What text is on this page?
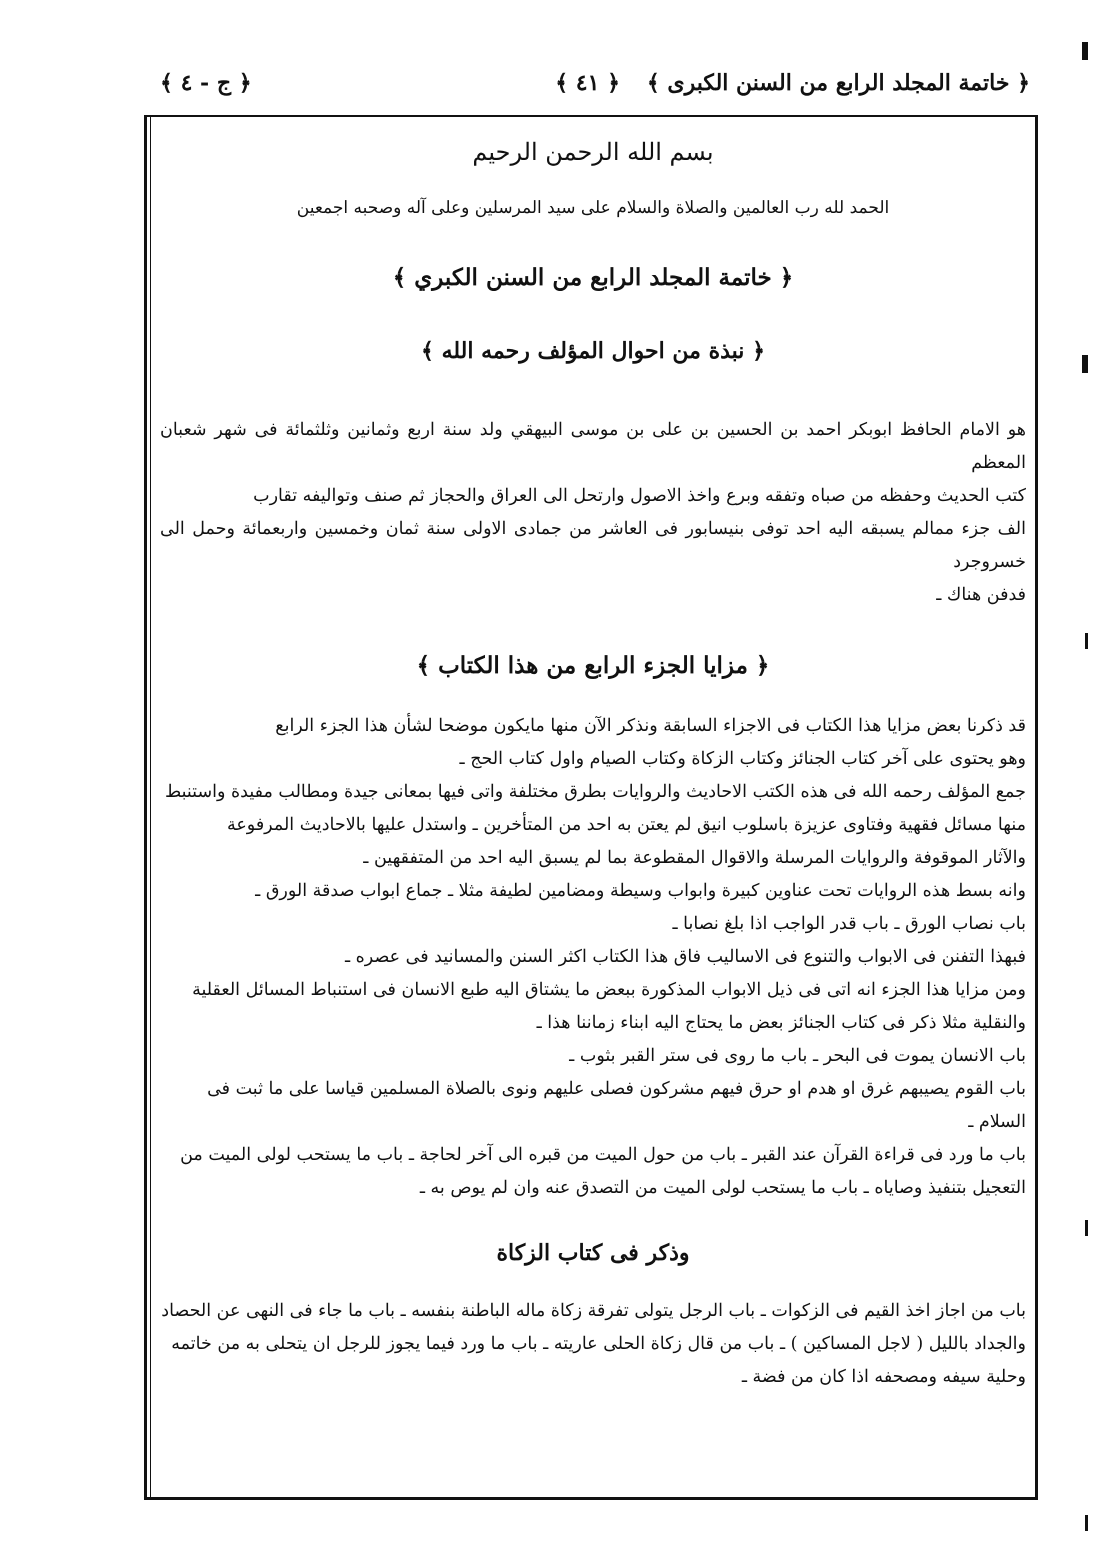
﴿ خاتمة المجلد الرابع من السنن الكبرى ﴾
﴿ ٤١ ﴾
﴿ ج - ٤ ﴾

بسم الله الرحمن الرحيم

الحمد لله رب العالمين والصلاة والسلام على سيد المرسلين وعلى آله وصحبه اجمعين

﴿ خاتمة المجلد الرابع من السنن الكبري ﴾

﴿ نبذة من احوال المؤلف رحمه الله ﴾

هو الامام الحافظ ابوبكر احمد بن الحسين بن على بن موسى البيهقي ولد سنة اربع وثمانين وثلثمائة فى شهر شعبان المعظم

كتب الحديث وحفظه من صباه وتفقه وبرع واخذ الاصول وارتحل الى العراق والحجاز ثم صنف وتواليفه تقارب

الف جزء ممالم يسبقه اليه احد توفى بنيسابور فى العاشر من جمادى الاولى سنة ثمان وخمسين واربعمائة وحمل الى خسروجرد

فدفن هناك ـ

﴿ مزايا الجزء الرابع من هذا الكتاب ﴾

قد ذكرنا بعض مزايا هذا الكتاب فى الاجزاء السابقة ونذكر الآن منها مايكون موضحا لشأن هذا الجزء الرابع

وهو يحتوى على آخر كتاب الجنائز وكتاب الزكاة وكتاب الصيام واول كتاب الحج ـ

جمع المؤلف رحمه الله فى هذه الكتب الاحاديث والروايات بطرق مختلفة واتى فيها بمعانى جيدة ومطالب مفيدة واستنبط

منها مسائل فقهية وفتاوى عزيزة باسلوب انيق لم يعتن به احد من المتأخرين ـ واستدل عليها بالاحاديث المرفوعة

والآثار الموقوفة والروايات المرسلة والاقوال المقطوعة بما لم يسبق اليه احد من المتفقهين ـ

وانه بسط هذه الروايات تحت عناوين كبيرة وابواب وسيطة ومضامين لطيفة مثلا ـ جماع ابواب صدقة الورق ـ

باب نصاب الورق ـ باب قدر الواجب اذا بلغ نصابا ـ

فبهذا التفنن فى الابواب والتنوع فى الاساليب فاق هذا الكتاب اكثر السنن والمسانيد فى عصره ـ

ومن مزايا هذا الجزء انه اتى فى ذيل الابواب المذكورة ببعض ما يشتاق اليه طبع الانسان فى استنباط المسائل العقلية

والنقلية مثلا ذكر فى كتاب الجنائز بعض ما يحتاج اليه ابناء زماننا هذا ـ

باب الانسان يموت فى البحر ـ باب ما روى فى ستر القبر بثوب ـ

باب القوم يصيبهم غرق او هدم او حرق فيهم مشركون فصلى عليهم ونوى بالصلاة المسلمين قياسا على ما ثبت فى

السلام ـ

باب ما ورد فى قراءة القرآن عند القبر ـ باب من حول الميت من قبره الى آخر لحاجة ـ باب ما يستحب لولى الميت من

التعجيل بتنفيذ وصاياه ـ باب ما يستحب لولى الميت من التصدق عنه وان لم يوص به ـ

وذكر فى كتاب الزكاة

باب من اجاز اخذ القيم فى الزكوات ـ باب الرجل يتولى تفرقة زكاة ماله الباطنة بنفسه ـ باب ما جاء فى النهى عن الحصاد

والجداد بالليل ( لاجل المساكين ) ـ باب من قال زكاة الحلى عاريته ـ باب ما ورد فيما يجوز للرجل ان يتحلى به من خاتمه

وحلية سيفه ومصحفه اذا كان من فضة ـ
